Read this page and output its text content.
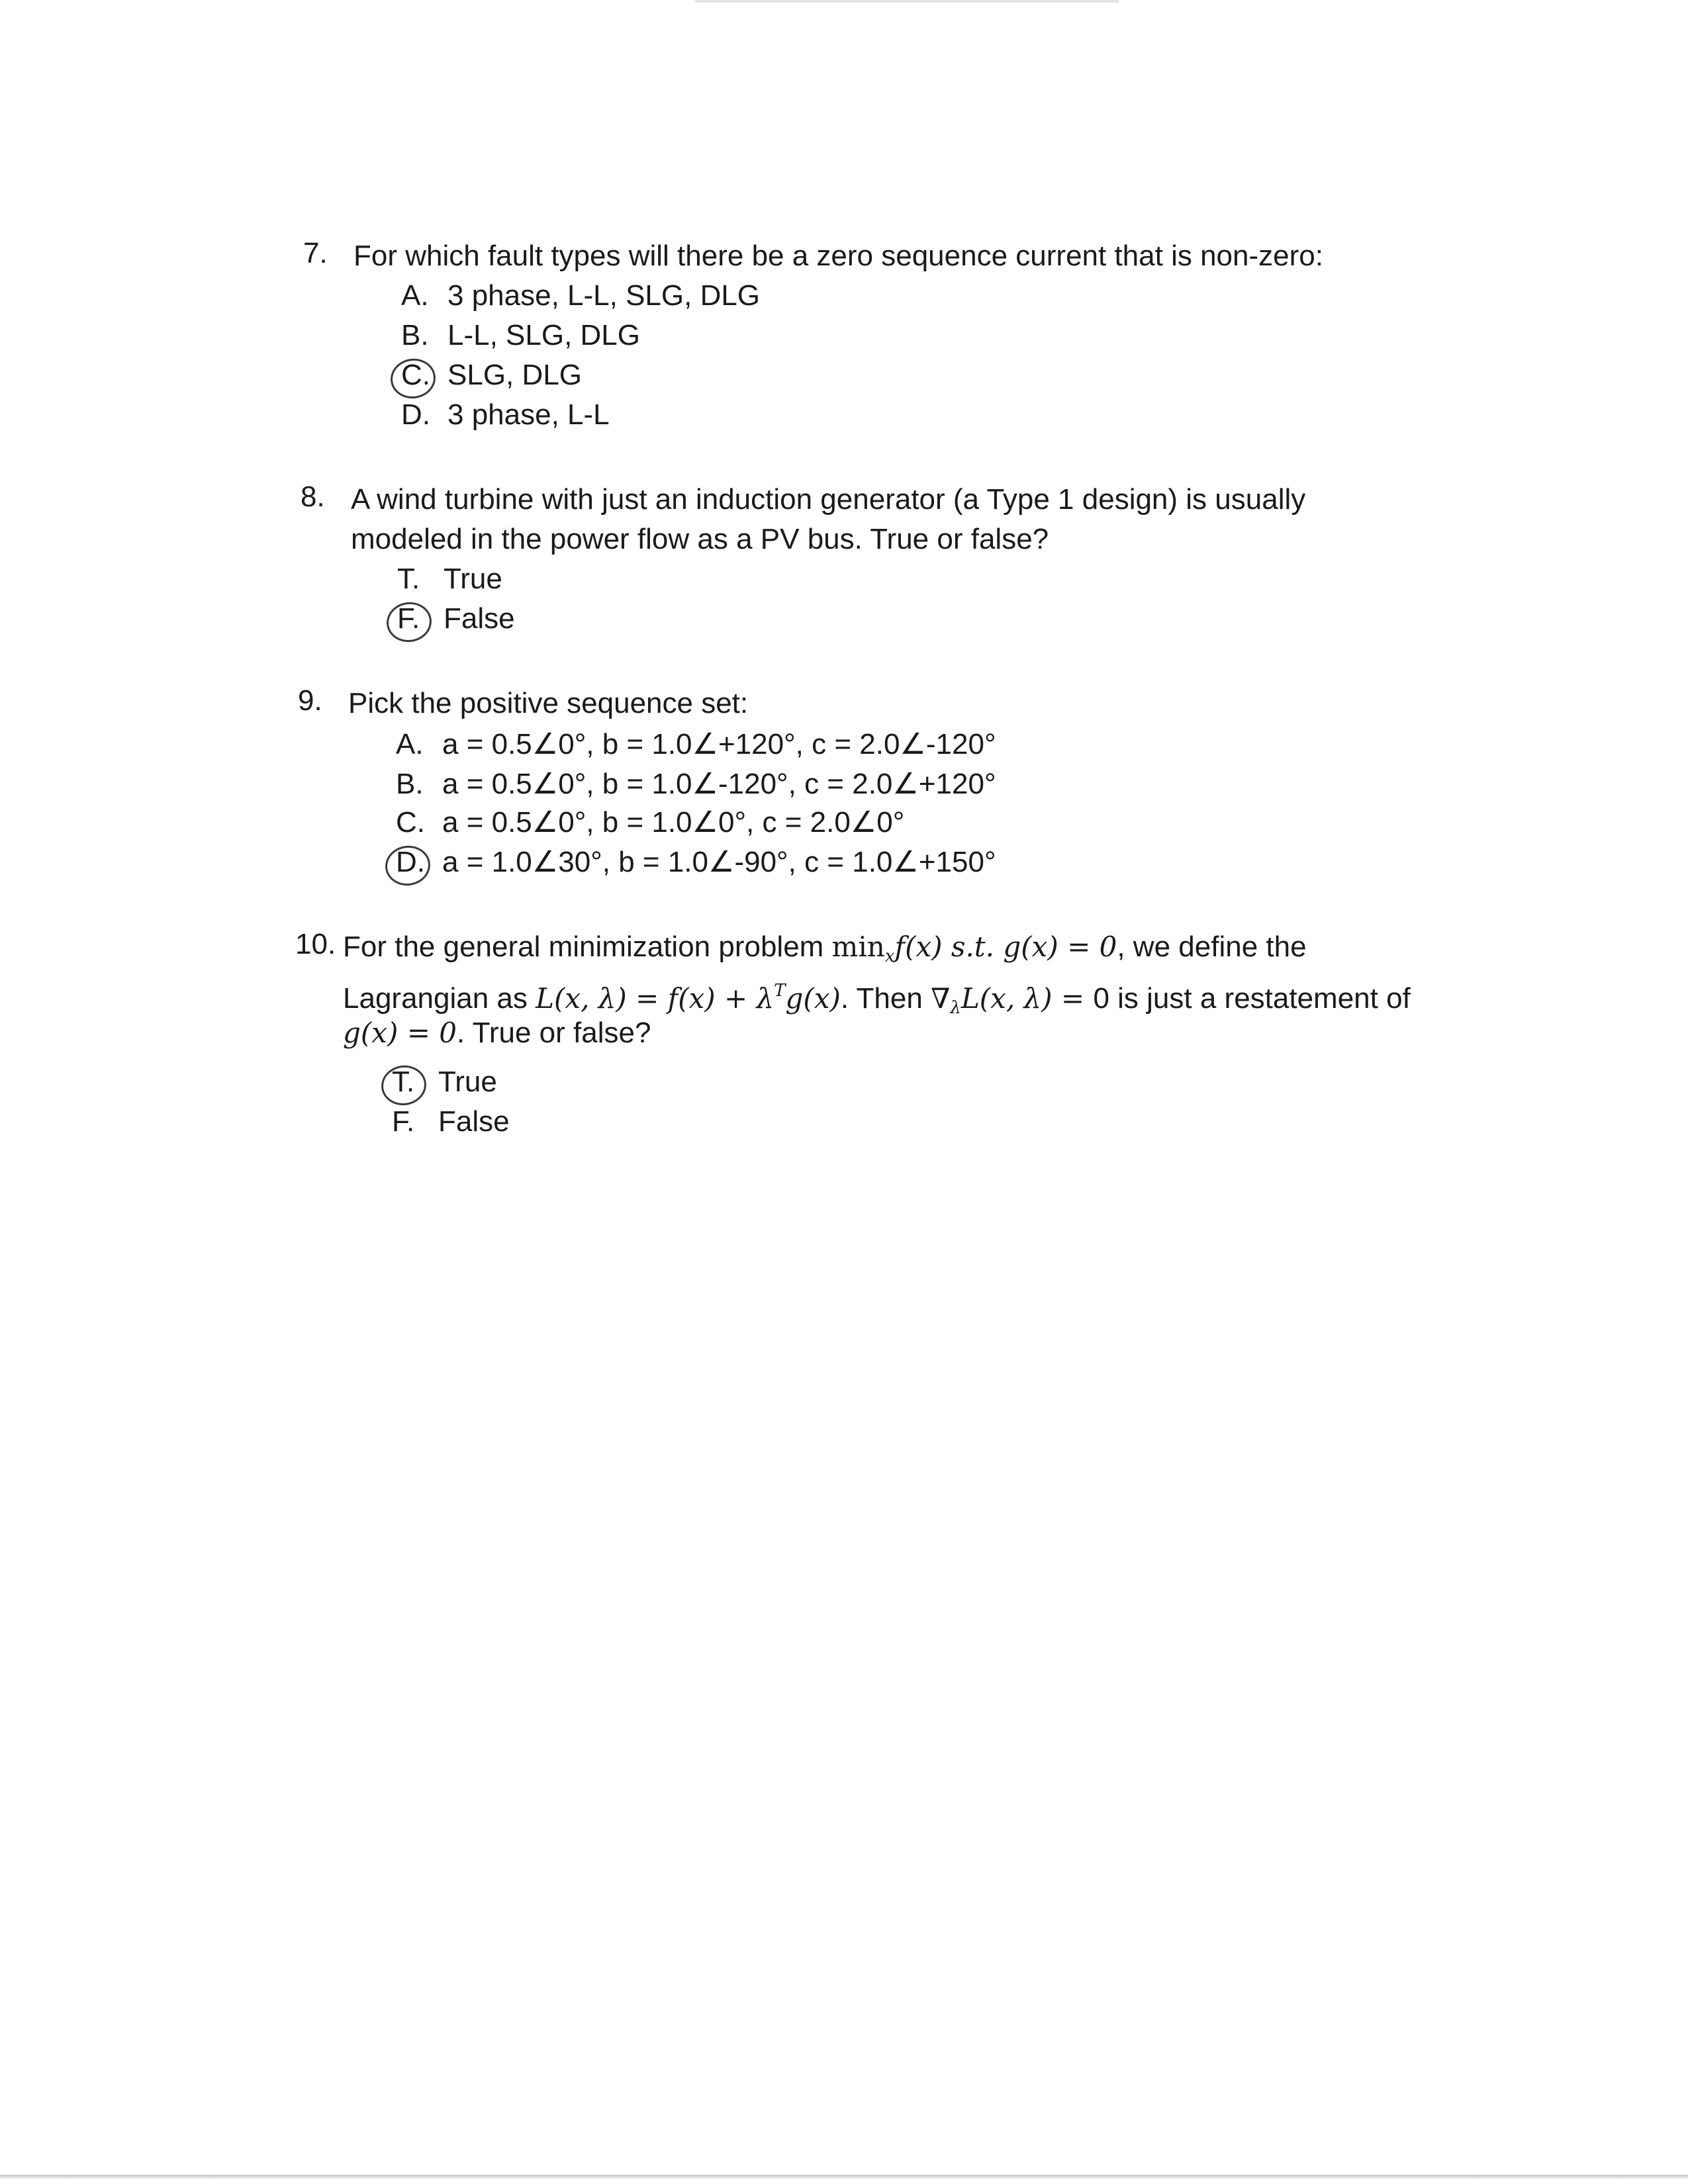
7. For which fault types will there be a zero sequence current that is non-zero:
A. 3 phase, L-L, SLG, DLG
B. L-L, SLG, DLG
C. SLG, DLG
D. 3 phase, L-L
8. A wind turbine with just an induction generator (a Type 1 design) is usually
modeled in the power flow as a PV bus. True or false?
T. True
F. False
9. Pick the positive sequence set:
A. a = 0.5∠0°, b = 1.0∠+120°, c = 2.0∠-120°
B. a = 0.5∠0°, b = 1.0∠-120°, c = 2.0∠+120°
C. a = 0.5∠0°, b = 1.0∠0°, c = 2.0∠0°
D. a = 1.0∠30°, b = 1.0∠-90°, c = 1.0∠+150°
10. For the general minimization problem $\min_xf(x)$ s.t. g(x) = 0, we define the
Lagrangian as L(x, $\lambda) = f(x) + \lambda^Tg(x)$. Then $\nabla_\lambda L(x$, λ) = 0 is just a restatement of
g(x) = 0. True or false?
T. True
F. False
